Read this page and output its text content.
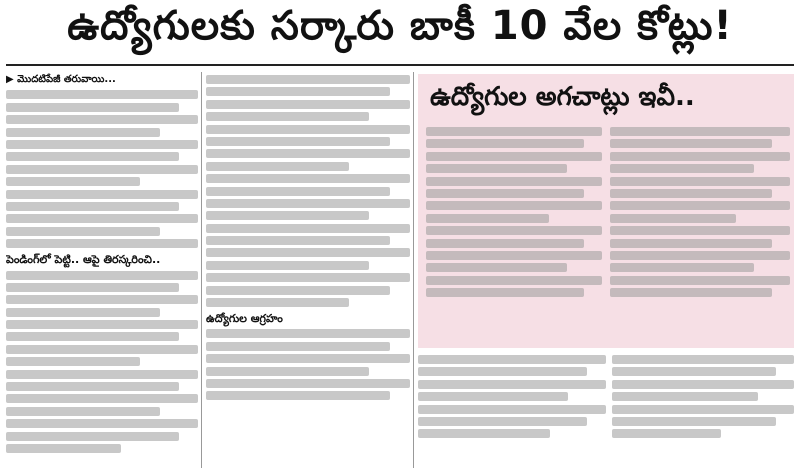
ఉద్యోగులకు సర్కారు బాకీ 10 వేల కోట్లు!
▶ మొదటిపేజీ తరువాయి...
పెండింగ్‌లో పెట్టి.. ఆపై తిరస్కరించి..
ఉద్యోగుల ఆగ్రహం
ఉద్యోగుల అగచాట్లు ఇవీ..
